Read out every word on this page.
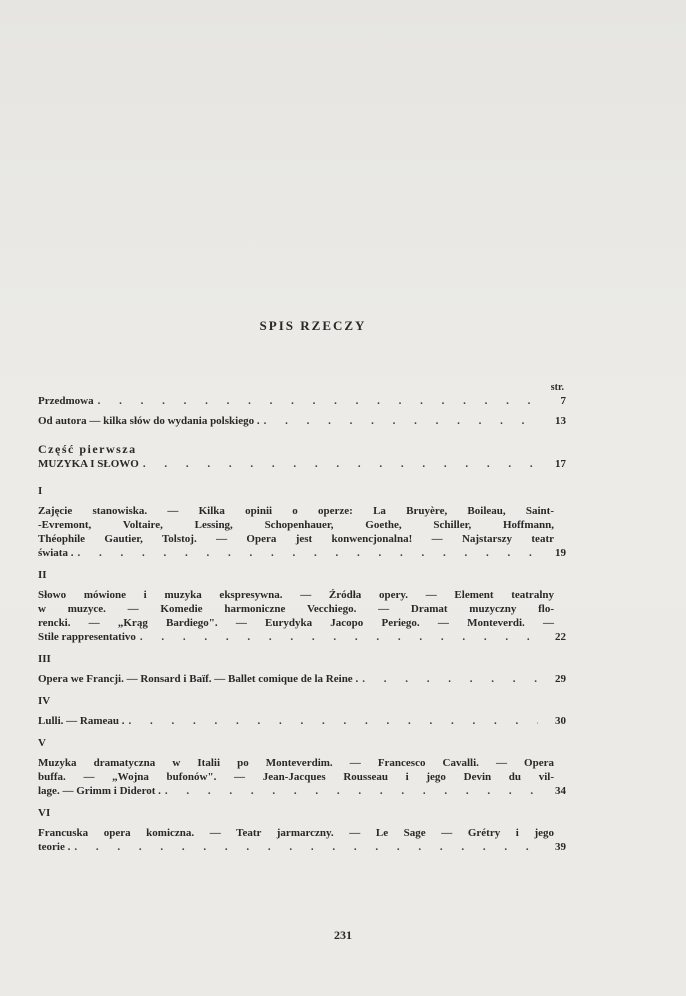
SPIS RZECZY
str.
Przedmowa . . .	7
Od autora — kilka słów do wydania polskiego . . . .	13
Część pierwsza
MUZYKA I SŁOWO . . .	17
I
Zajęcie stanowiska. — Kilka opinii o operze: La Bruyère, Boileau, Saint-
-Evremont, Voltaire, Lessing, Schopenhauer, Goethe, Schiller, Hoffmann,
Théophile Gautier, Tolstoj. — Opera jest konwencjonalna! — Najstarszy teatr
świata . . . .	19
II
Słowo mówione i muzyka ekspresywna. — Źródła opery. — Element teatralny
w muzyce. — Komedie harmoniczne Vecchiego. — Dramat muzyczny flo-
rencki. — „Krąg Bardiego". — Eurydyka Jacopo Periego. — Monteverdi. —
Stile rappresentativo . . .	22
III
Opera we Francji. — Ronsard i Baïf. — Ballet comique de la Reine . . . .	29
IV
Lulli. — Rameau . . . .	30
V
Muzyka dramatyczna w Italii po Monteverdim. — Francesco Cavalli. — Opera
buffa. — „Wojna bufonów". — Jean-Jacques Rousseau i jego Devin du vil-
lage. — Grimm i Diderot . . . .	34
VI
Francuska opera komiczna. — Teatr jarmarczny. — Le Sage — Grétry i jego
teorie . . . .	39
231
